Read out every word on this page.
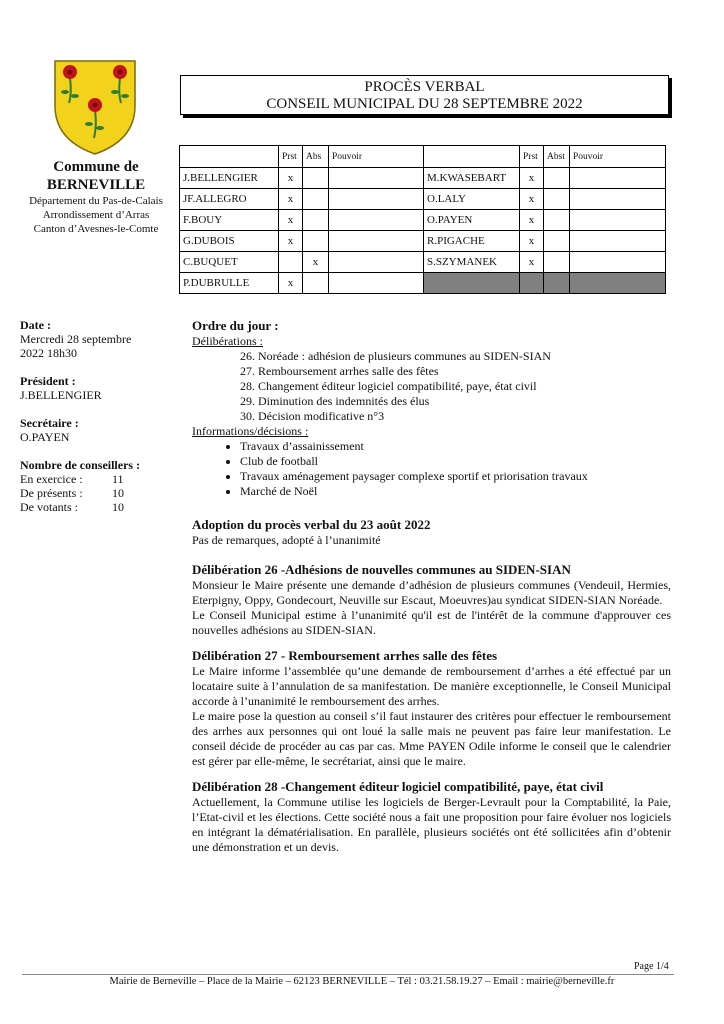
PROCÈS VERBAL
CONSEIL MUNICIPAL DU 28 SEPTEMBRE 2022
Commune de
BERNEVILLE
Département du Pas-de-Calais
Arrondissement d’Arras
Canton d’Avesnes-le-Comte
	Prst	Abs	Pouvoir		Prst	Abst	Pouvoir
J.BELLENGIER	x			M.KWASEBART	x		
JF.ALLEGRO	x			O.LALY	x		
F.BOUY	x			O.PAYEN	x		
G.DUBOIS	x			R.PIGACHE	x		
C.BUQUET		x		S.SZYMANEK	x		
P.DUBRULLE	x						
Date :
Mercredi 28 septembre
2022 18h30
Président :
J.BELLENGIER
Secrétaire :
O.PAYEN
Nombre de conseillers :
En exercice :	11
De présents :	10
De votants :	10
Ordre du jour :
Délibérations :
26. Noréade : adhésion de plusieurs communes au SIDEN-SIAN
27. Remboursement arrhes salle des fêtes
28. Changement éditeur logiciel compatibilité, paye, état civil
29. Diminution des indemnités des élus
30. Décision modificative n°3
Informations/décisions :
• Travaux d’assainissement
• Club de football
• Travaux aménagement paysager complexe sportif et priorisation travaux
• Marché de Noël
Adoption du procès verbal du 23 août 2022

Pas de remarques, adopté à l’unanimité

Délibération 26 -Adhésions de nouvelles communes au SIDEN-SIAN

Monsieur le Maire présente une demande d’adhésion de plusieurs communes (Vendeuil, Hermies, Eterpigny, Oppy, Gondecourt, Neuville sur Escaut, Moeuvres)au syndicat SIDEN-SIAN Noréade.

Le Conseil Municipal estime à l’unanimité qu'il est de l'intérêt de la commune d'approuver ces nouvelles adhésions au SIDEN-SIAN.

Délibération 27 - Remboursement arrhes salle des fêtes

Le Maire informe l’assemblée qu’une demande de remboursement d’arrhes a été effectué par un locataire suite à l’annulation de sa manifestation. De manière exceptionnelle, le Conseil Municipal accorde à l’unanimité le remboursement des arrhes.

Le maire pose la question au conseil s’il faut instaurer des critères pour effectuer le remboursement des arrhes aux personnes qui ont loué la salle mais ne peuvent pas faire leur manifestation. Le conseil décide de procéder au cas par cas. Mme PAYEN Odile informe le conseil que le calendrier est gérer par elle-même, le secrétariat, ainsi que le maire.

Délibération 28 -Changement éditeur logiciel compatibilité, paye, état civil

Actuellement, la Commune utilise les logiciels de Berger-Levrault pour la Comptabilité, la Paie, l’Etat-civil et les élections. Cette société nous a fait une proposition pour faire évoluer nos logiciels en intégrant la dématérialisation. En parallèle, plusieurs sociétés ont été sollicitées afin d’obtenir une démonstration et un devis.

Page 1/4
Mairie de Berneville – Place de la Mairie – 62123 BERNEVILLE – Tél : 03.21.58.19.27 – Email : mairie@berneville.fr
